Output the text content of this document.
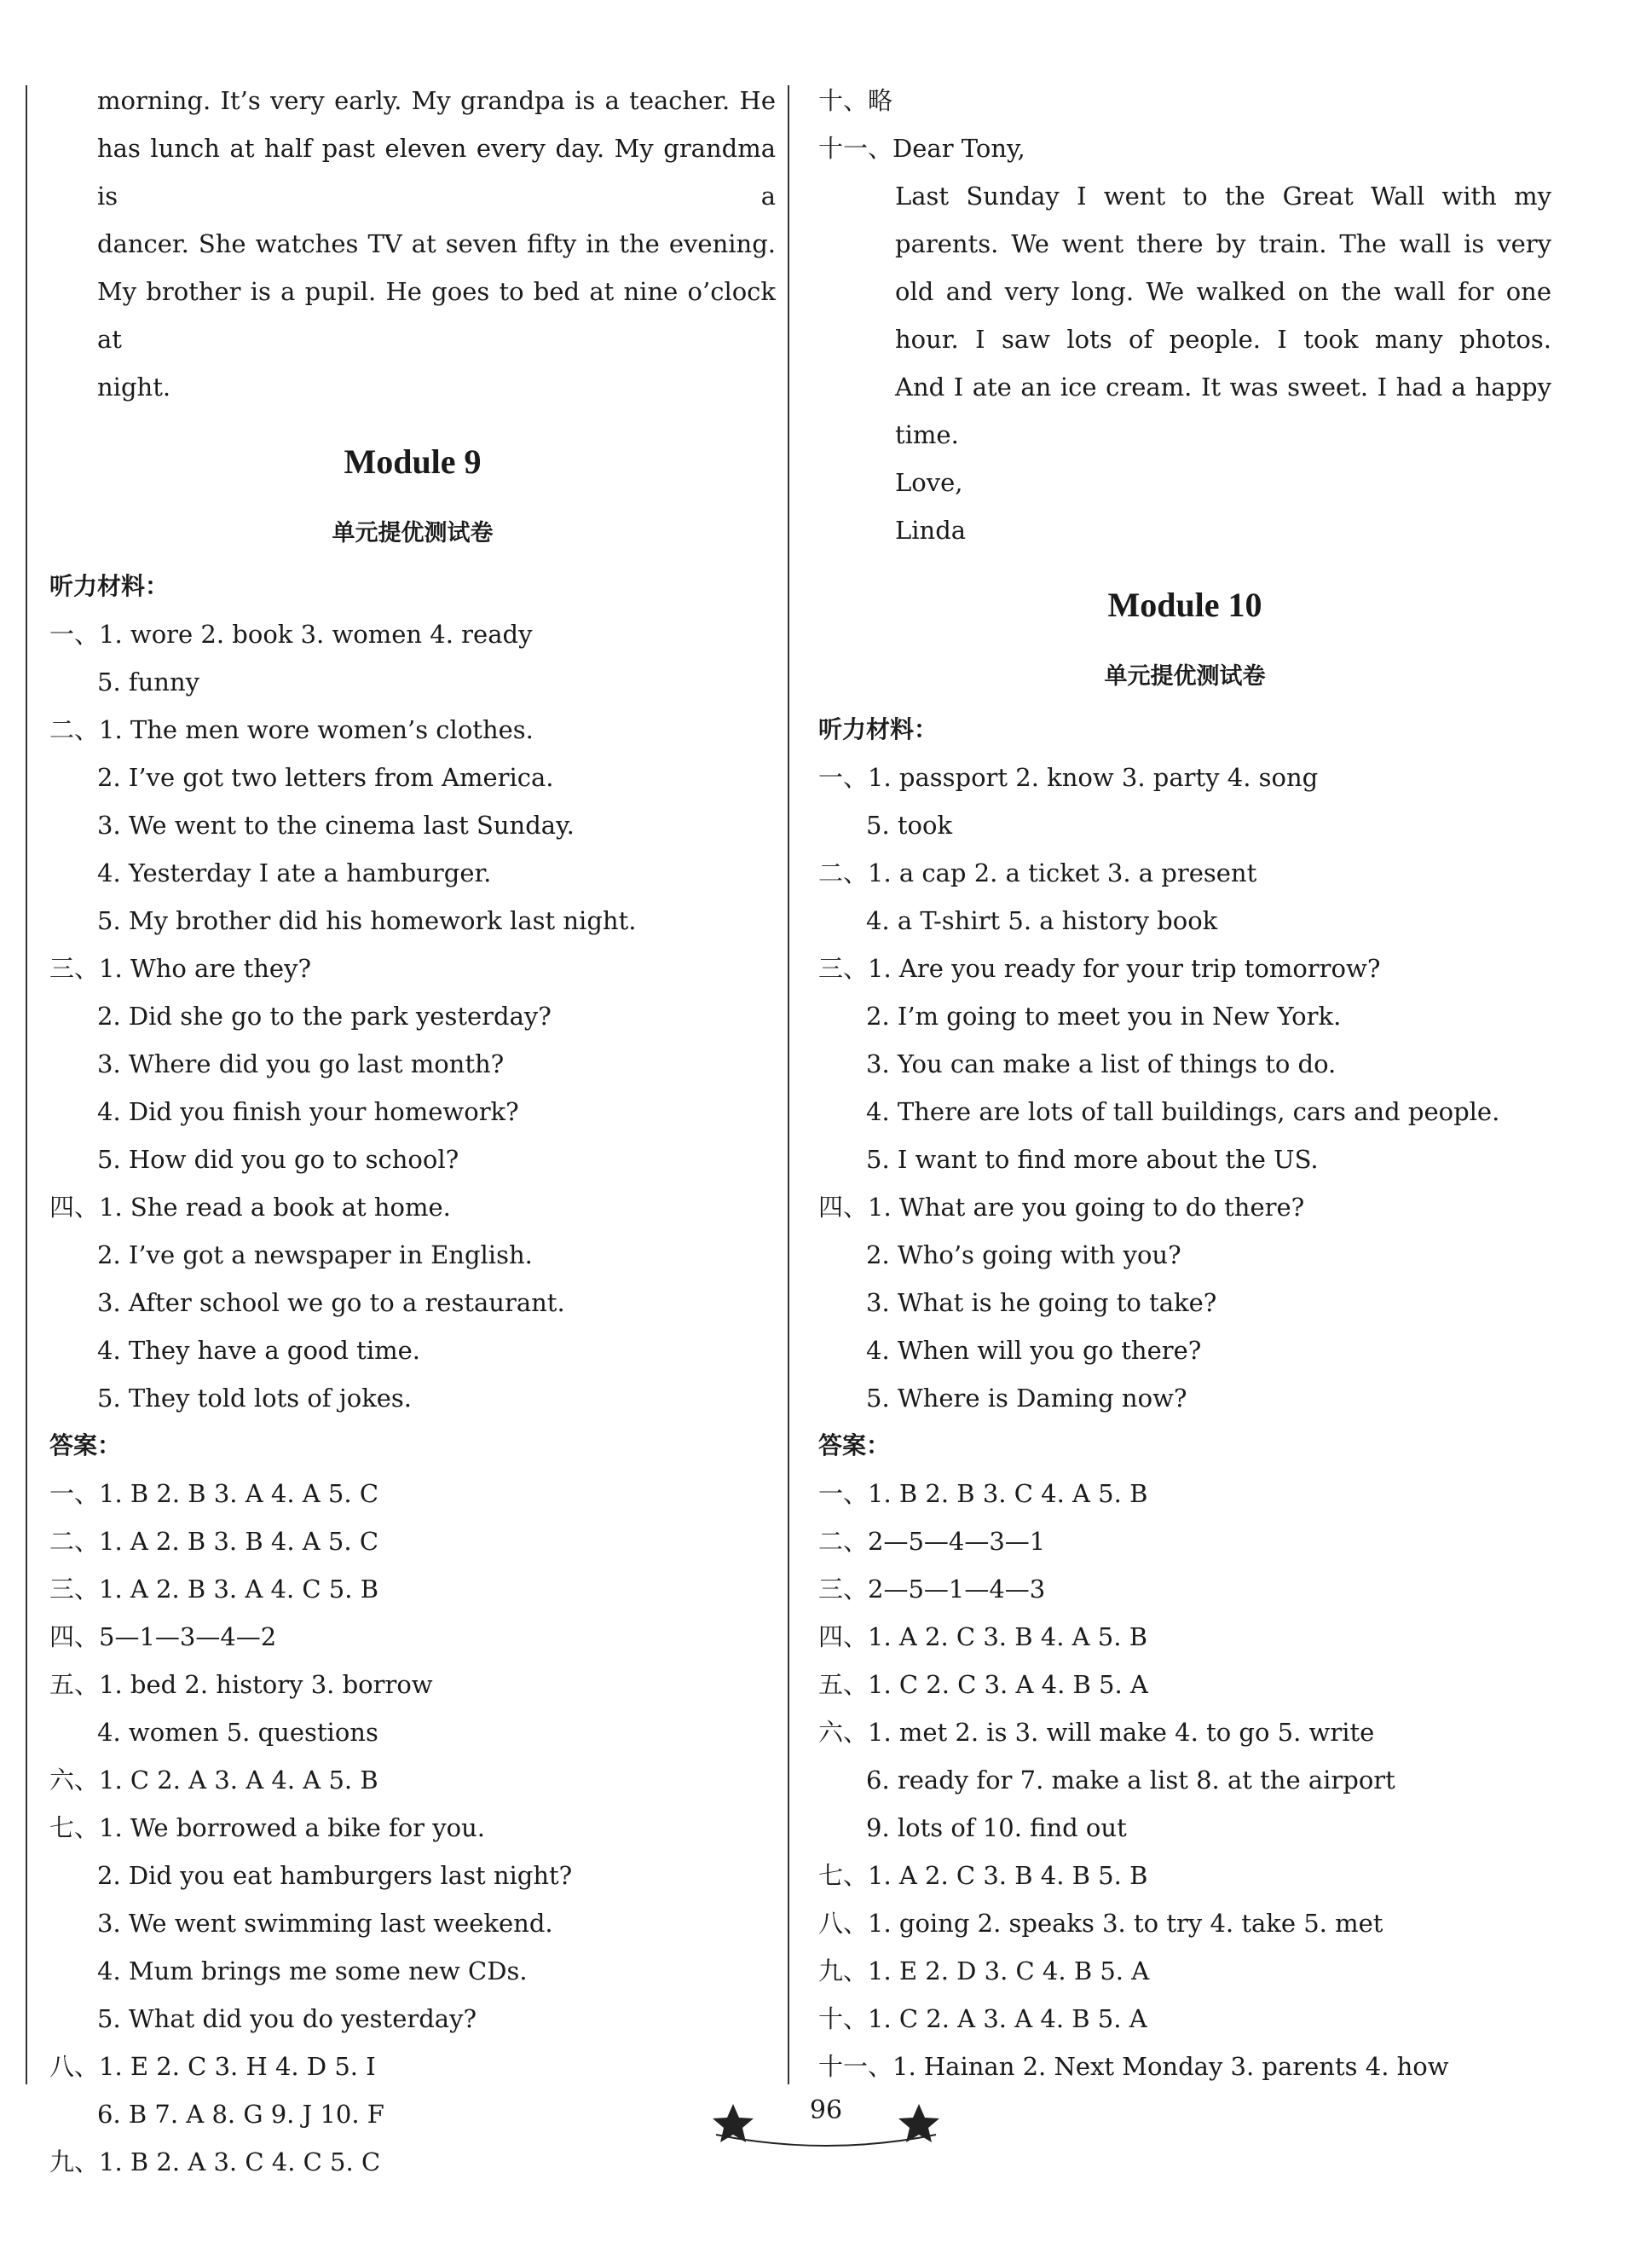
morning. It’s very early. My grandpa is a teacher. He
has lunch at half past eleven every day. My grandma is a
dancer. She watches TV at seven fifty in the evening.
My brother is a pupil. He goes to bed at nine o’clock at
night.
Module 9
单元提优测试卷
听力材料：
一、1. wore 2. book 3. women 4. ready
5. funny
二、1. The men wore women’s clothes.
2. I’ve got two letters from America.
3. We went to the cinema last Sunday.
4. Yesterday I ate a hamburger.
5. My brother did his homework last night.
三、1. Who are they?
2. Did she go to the park yesterday?
3. Where did you go last month?
4. Did you finish your homework?
5. How did you go to school?
四、1. She read a book at home.
2. I’ve got a newspaper in English.
3. After school we go to a restaurant.
4. They have a good time.
5. They told lots of jokes.
答案：
一、1. B 2. B 3. A 4. A 5. C
二、1. A 2. B 3. B 4. A 5. C
三、1. A 2. B 3. A 4. C 5. B
四、5—1—3—4—2
五、1. bed 2. history 3. borrow
4. women 5. questions
六、1. C 2. A 3. A 4. A 5. B
七、1. We borrowed a bike for you.
2. Did you eat hamburgers last night?
3. We went swimming last weekend.
4. Mum brings me some new CDs.
5. What did you do yesterday?
八、1. E 2. C 3. H 4. D 5. I
6. B 7. A 8. G 9. J 10. F
九、1. B 2. A 3. C 4. C 5. C
十、略
十一、Dear Tony,
Last Sunday I went to the Great Wall with my
parents. We went there by train. The wall is very
old and very long. We walked on the wall for one
hour. I saw lots of people. I took many photos.
And I ate an ice cream. It was sweet. I had a happy
time.
Love,
Linda
Module 10
单元提优测试卷
听力材料：
一、1. passport 2. know 3. party 4. song
5. took
二、1. a cap 2. a ticket 3. a present
4. a T-shirt 5. a history book
三、1. Are you ready for your trip tomorrow?
2. I’m going to meet you in New York.
3. You can make a list of things to do.
4. There are lots of tall buildings, cars and people.
5. I want to find more about the US.
四、1. What are you going to do there?
2. Who’s going with you?
3. What is he going to take?
4. When will you go there?
5. Where is Daming now?
答案：
一、1. B 2. B 3. C 4. A 5. B
二、2—5—4—3—1
三、2—5—1—4—3
四、1. A 2. C 3. B 4. A 5. B
五、1. C 2. C 3. A 4. B 5. A
六、1. met 2. is 3. will make 4. to go 5. write
6. ready for 7. make a list 8. at the airport
9. lots of 10. find out
七、1. A 2. C 3. B 4. B 5. B
八、1. going 2. speaks 3. to try 4. take 5. met
九、1. E 2. D 3. C 4. B 5. A
十、1. C 2. A 3. A 4. B 5. A
十一、1. Hainan 2. Next Monday 3. parents 4. how
96
